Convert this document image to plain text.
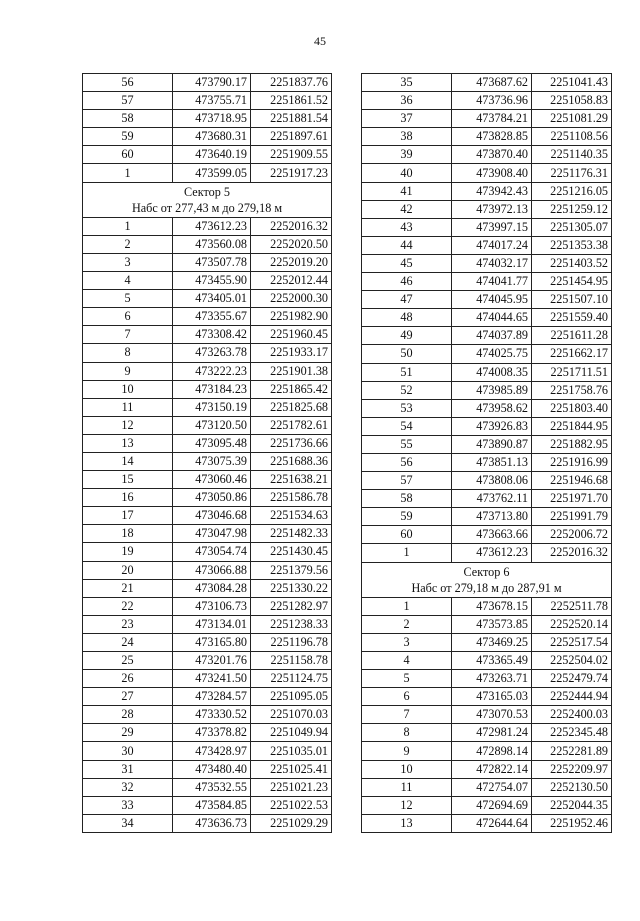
45
56	473790.17	2251837.76
57	473755.71	2251861.52
58	473718.95	2251881.54
59	473680.31	2251897.61
60	473640.19	2251909.55
1	473599.05	2251917.23

Сектор 5
Набс от 277,43 м до 279,18 м		

1	473612.23	2252016.32
2	473560.08	2252020.50
3	473507.78	2252019.20
4	473455.90	2252012.44
5	473405.01	2252000.30
6	473355.67	2251982.90
7	473308.42	2251960.45
8	473263.78	2251933.17
9	473222.23	2251901.38
10	473184.23	2251865.42
11	473150.19	2251825.68
12	473120.50	2251782.61
13	473095.48	2251736.66
14	473075.39	2251688.36
15	473060.46	2251638.21
16	473050.86	2251586.78
17	473046.68	2251534.63
18	473047.98	2251482.33
19	473054.74	2251430.45
20	473066.88	2251379.56
21	473084.28	2251330.22
22	473106.73	2251282.97
23	473134.01	2251238.33
24	473165.80	2251196.78
25	473201.76	2251158.78
26	473241.50	2251124.75
27	473284.57	2251095.05
28	473330.52	2251070.03
29	473378.82	2251049.94
30	473428.97	2251035.01
31	473480.40	2251025.41
32	473532.55	2251021.23
33	473584.85	2251022.53
34	473636.73	2251029.29
35	473687.62	2251041.43
36	473736.96	2251058.83
37	473784.21	2251081.29
38	473828.85	2251108.56
39	473870.40	2251140.35
40	473908.40	2251176.31
41	473942.43	2251216.05
42	473972.13	2251259.12
43	473997.15	2251305.07
44	474017.24	2251353.38
45	474032.17	2251403.52
46	474041.77	2251454.95
47	474045.95	2251507.10
48	474044.65	2251559.40
49	474037.89	2251611.28
50	474025.75	2251662.17
51	474008.35	2251711.51
52	473985.89	2251758.76
53	473958.62	2251803.40
54	473926.83	2251844.95
55	473890.87	2251882.95
56	473851.13	2251916.99
57	473808.06	2251946.68
58	473762.11	2251971.70
59	473713.80	2251991.79
60	473663.66	2252006.72
1	473612.23	2252016.32

Сектор 6
Набс от 279,18 м до 287,91 м		

1	473678.15	2252511.78
2	473573.85	2252520.14
3	473469.25	2252517.54
4	473365.49	2252504.02
5	473263.71	2252479.74
6	473165.03	2252444.94
7	473070.53	2252400.03
8	472981.24	2252345.48
9	472898.14	2252281.89
10	472822.14	2252209.97
11	472754.07	2252130.50
12	472694.69	2252044.35
13	472644.64	2251952.46
